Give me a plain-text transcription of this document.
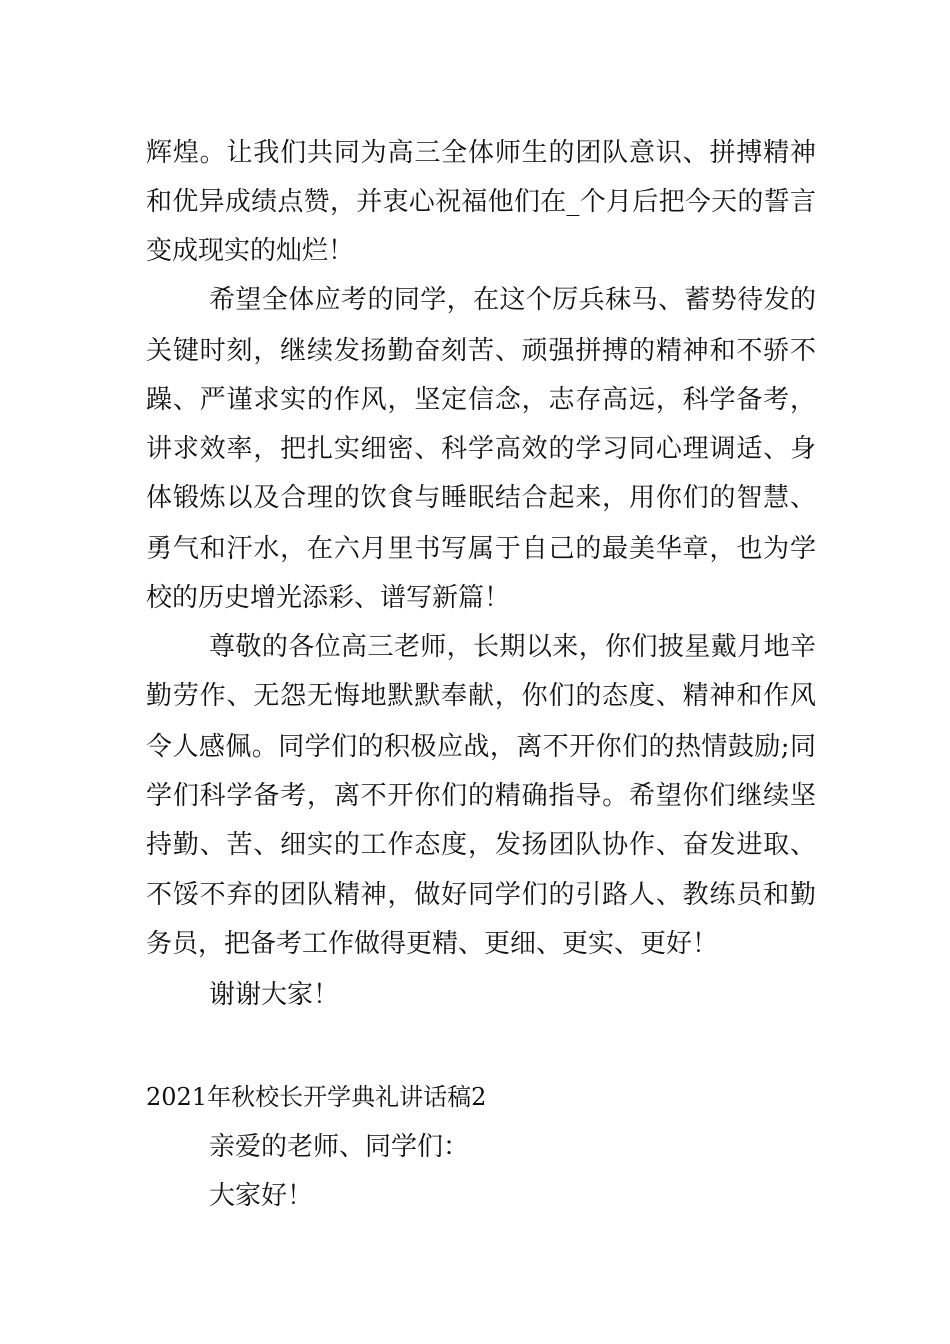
辉煌。让我们共同为高三全体师生的团队意识、拼搏精神
和优异成绩点赞，并衷心祝福他们在_个月后把今天的誓言
变成现实的灿烂！
希望全体应考的同学，在这个厉兵秣马、蓄势待发的
关键时刻，继续发扬勤奋刻苦、顽强拼搏的精神和不骄不
躁、严谨求实的作风，坚定信念，志存高远，科学备考，
讲求效率，把扎实细密、科学高效的学习同心理调适、身
体锻炼以及合理的饮食与睡眠结合起来，用你们的智慧、
勇气和汗水，在六月里书写属于自己的最美华章，也为学
校的历史增光添彩、谱写新篇！
尊敬的各位高三老师，长期以来，你们披星戴月地辛
勤劳作、无怨无悔地默默奉献，你们的态度、精神和作风
令人感佩。同学们的积极应战，离不开你们的热情鼓励;同
学们科学备考，离不开你们的精确指导。希望你们继续坚
持勤、苦、细实的工作态度，发扬团队协作、奋发进取、
不馁不弃的团队精神，做好同学们的引路人、教练员和勤
务员，把备考工作做得更精、更细、更实、更好！
谢谢大家！
2021年秋校长开学典礼讲话稿2
亲爱的老师、同学们：
大家好！
